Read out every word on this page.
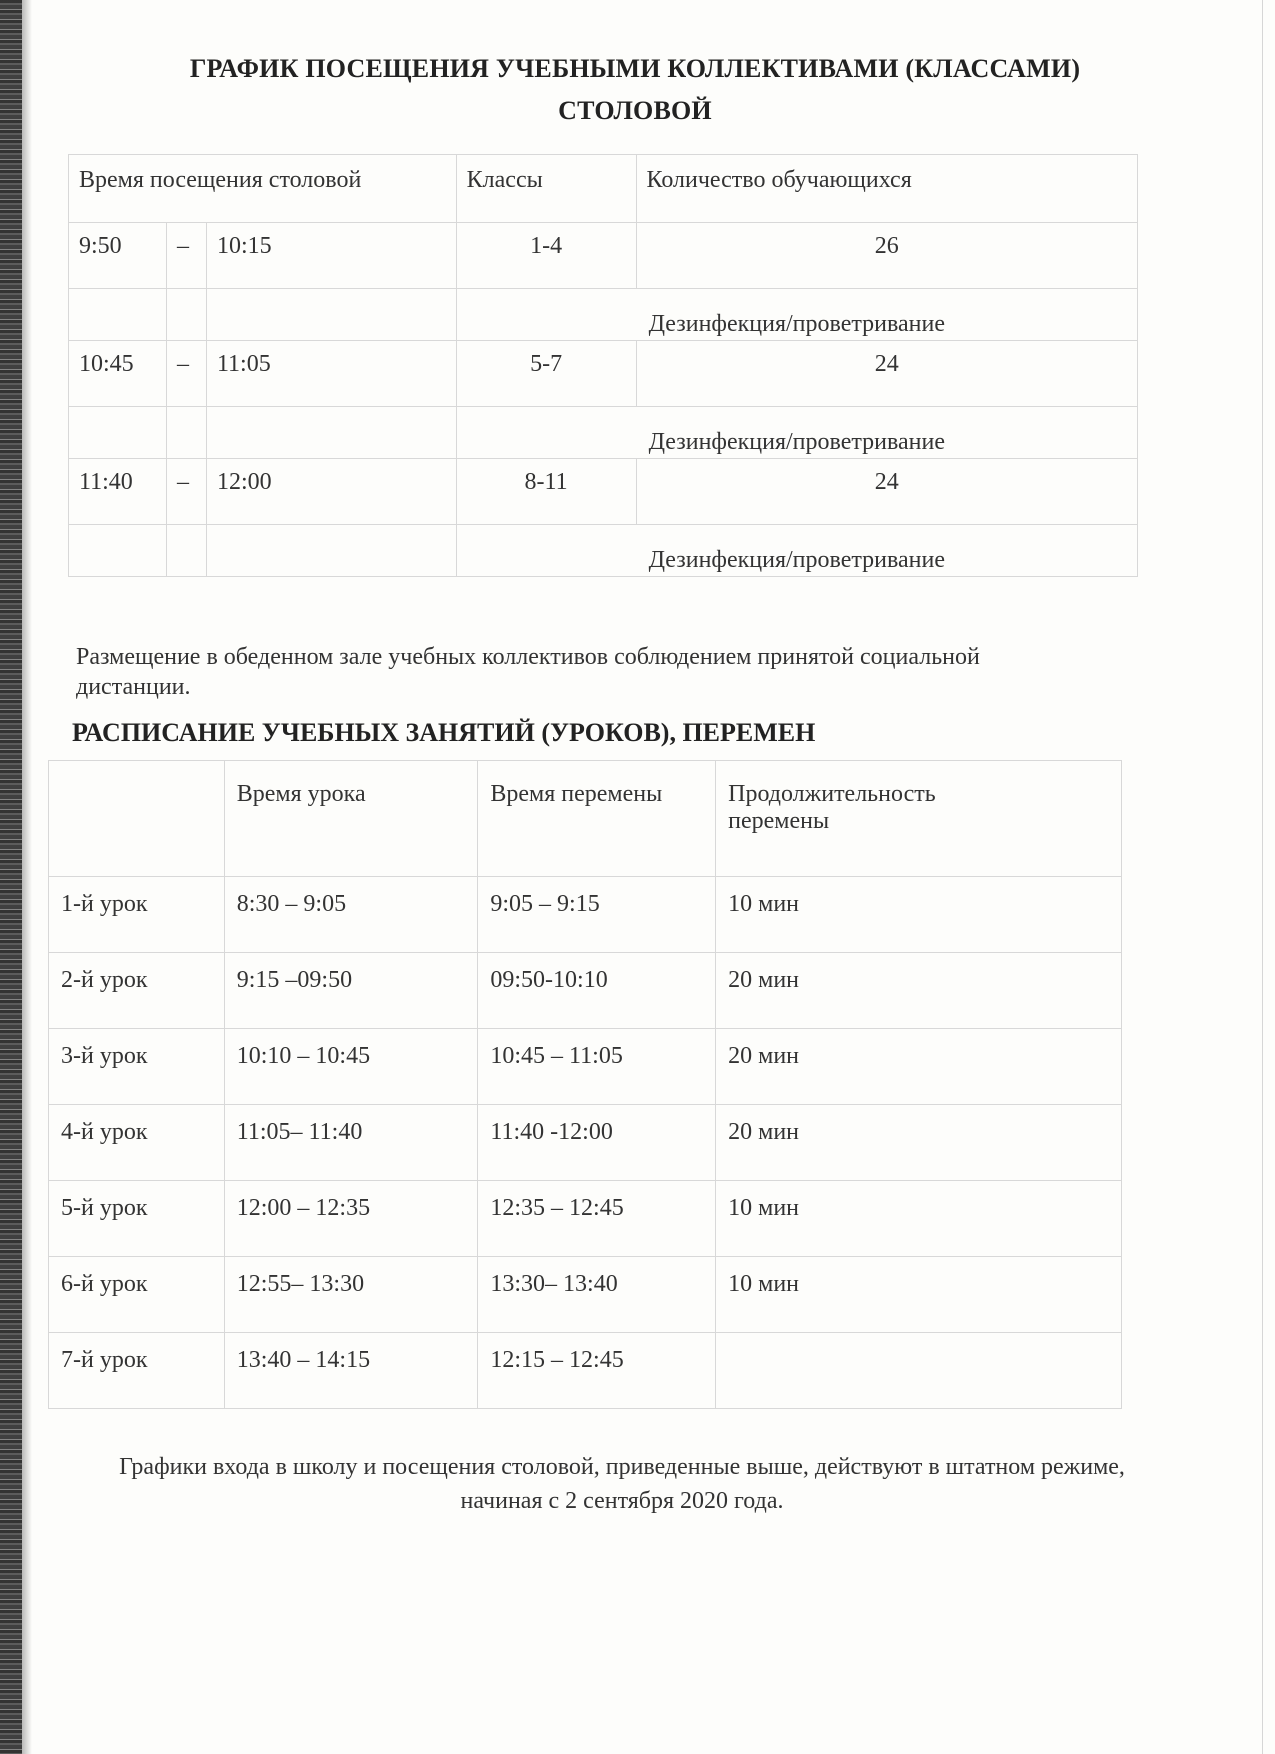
ГРАФИК ПОСЕЩЕНИЯ УЧЕБНЫМИ КОЛЛЕКТИВАМИ (КЛАССАМИ)
СТОЛОВОЙ
Время посещения столовой			Классы	Количество обучающихся
9:50	–	10:15	1-4	26
			Дезинфекция/проветривание	
10:45	–	11:05	5-7	24
			Дезинфекция/проветривание	
11:40	–	12:00	8-11	24
			Дезинфекция/проветривание	

Размещение в обеденном зале учебных коллективов соблюдением принятой социальной дистанции.

РАСПИСАНИЕ УЧЕБНЫХ ЗАНЯТИЙ (УРОКОВ), ПЕРЕМЕН
	Время урока	Время перемены	Продолжительность перемены
1-й урок	8:30 – 9:05	9:05 – 9:15	10 мин
2-й урок	9:15 –09:50	09:50-10:10	20 мин
3-й урок	10:10 – 10:45	10:45 – 11:05	20 мин
4-й урок	11:05– 11:40	11:40 -12:00	20 мин
5-й урок	12:00 – 12:35	12:35 – 12:45	10 мин
6-й урок	12:55– 13:30	13:30– 13:40	10 мин
7-й урок	13:40 – 14:15	12:15 – 12:45	

Графики входа в школу и посещения столовой, приведенные выше, действуют в штатном режиме, начиная с 2 сентября 2020 года.
